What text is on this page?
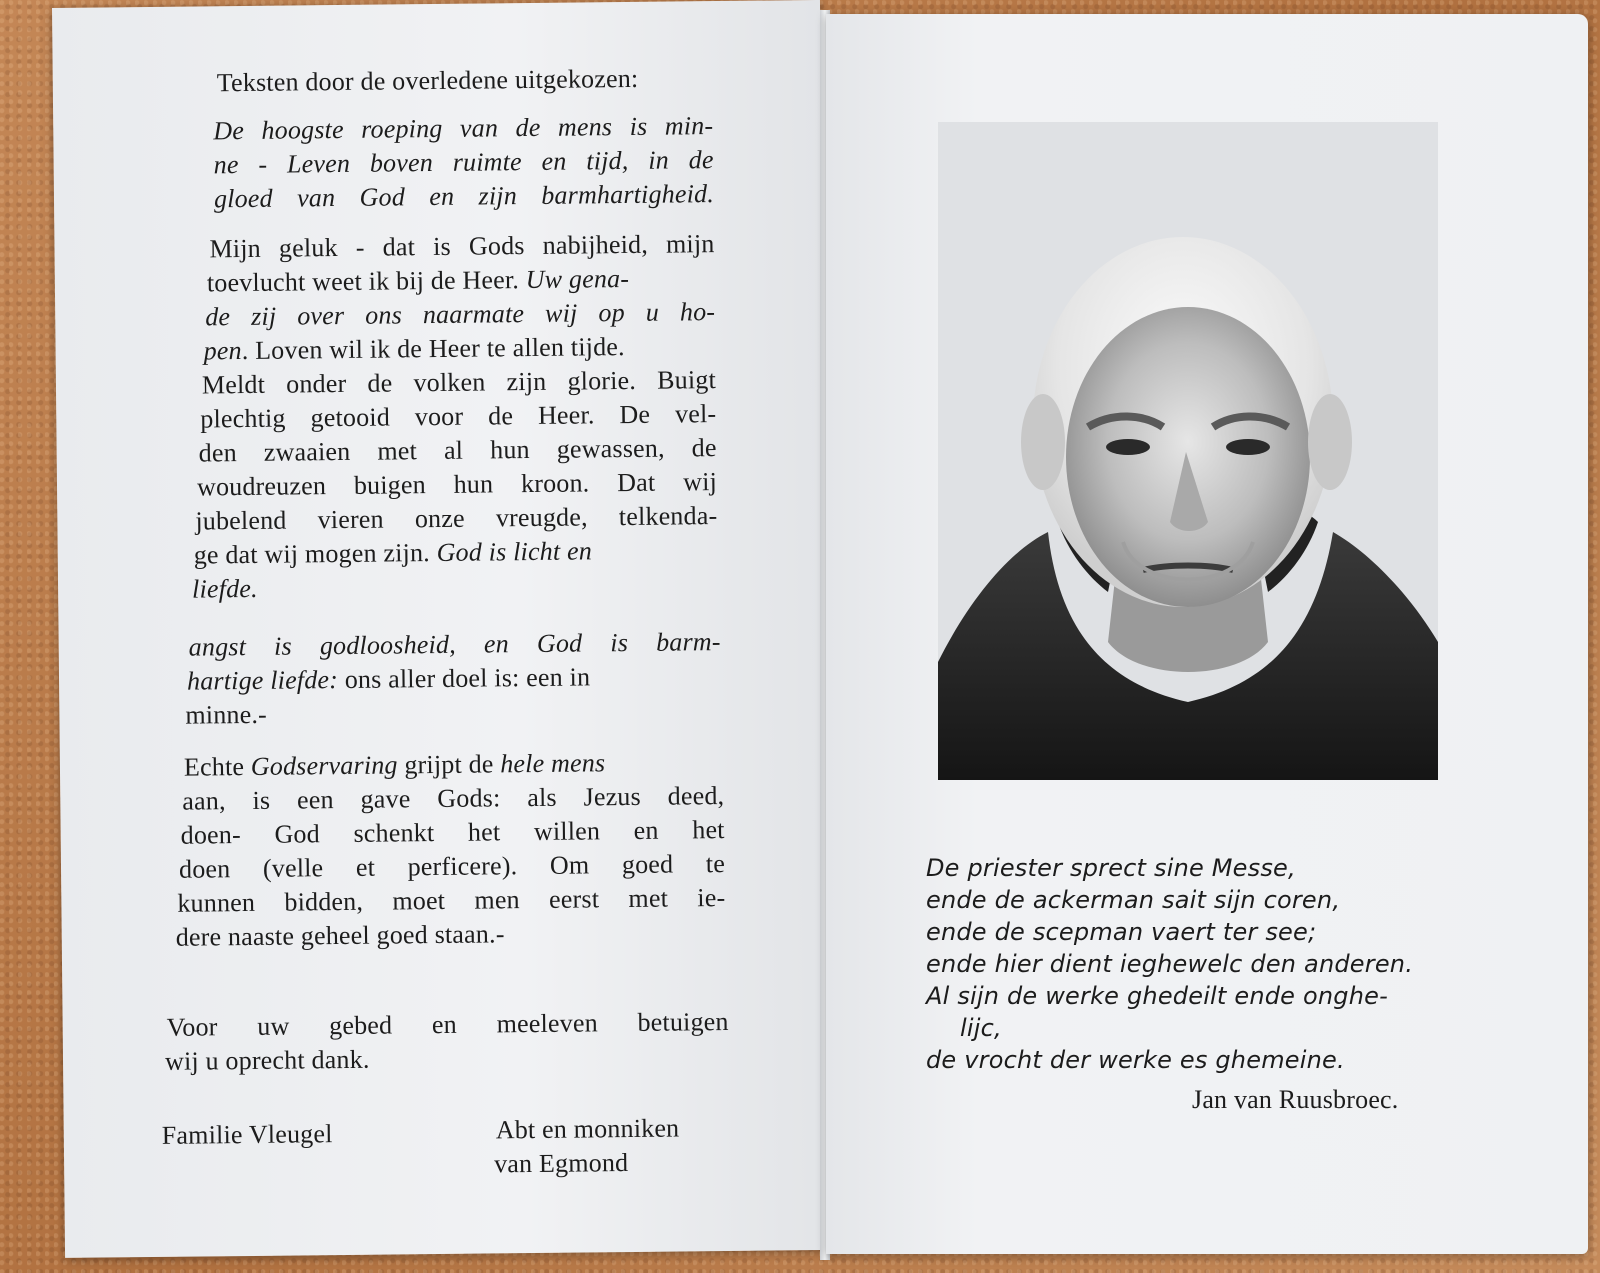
Teksten door de overledene uitgekozen:
De hoogste roeping van de mens is min-
ne - Leven boven ruimte en tijd, in de
gloed van God en zijn barmhartigheid.
Mijn geluk - dat is Gods nabijheid, mijn
toevlucht weet ik bij de Heer. Uw gena-
de zij over ons naarmate wij op u ho-
pen. Loven wil ik de Heer te allen tijde.
Meldt onder de volken zijn glorie. Buigt
plechtig getooid voor de Heer. De vel-
den zwaaien met al hun gewassen, de
woudreuzen buigen hun kroon. Dat wij
jubelend vieren onze vreugde, telkenda-
ge dat wij mogen zijn. God is licht en
liefde.
angst is godloosheid, en God is barm-
hartige liefde: ons aller doel is: een in
minne.-
Echte Godservaring grijpt de hele mens
aan, is een gave Gods: als Jezus deed,
doen- God schenkt het willen en het
doen (velle et perficere). Om goed te
kunnen bidden, moet men eerst met ie-
dere naaste geheel goed staan.-
Voor uw gebed en meeleven betuigen
wij u oprecht dank.
Familie Vleugel	Abt en monniken
van Egmond
De priester sprect sine Messe,
ende de ackerman sait sijn coren,
ende de scepman vaert ter see;
ende hier dient ieghewelc den anderen.
Al sijn de werke ghedeilt ende onghe-
lijc,
de vrocht der werke es ghemeine.
Jan van Ruusbroec.
